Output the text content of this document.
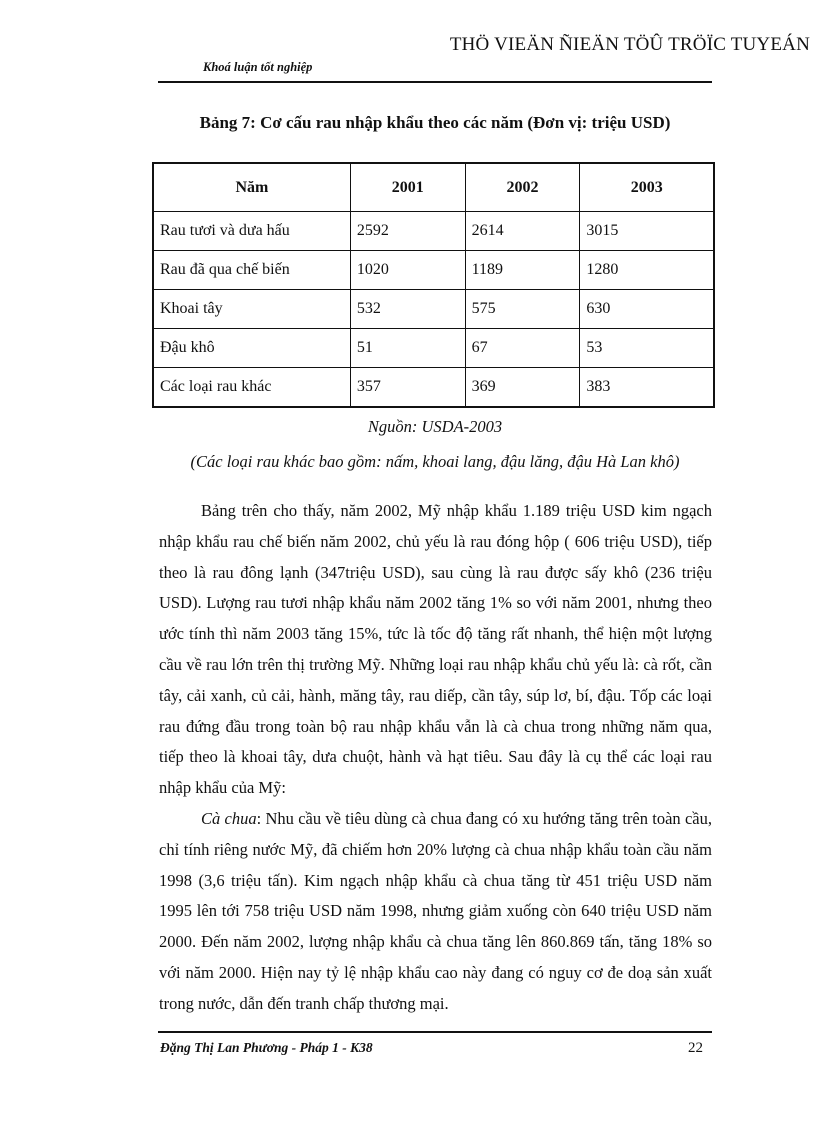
THÖ VIEÄN ÑIEÄN TÖÛ TRÖÏC TUYEÁN
Khoá luận tốt nghiệp
Bảng 7: Cơ cấu rau nhập khẩu theo các năm (Đơn vị: triệu USD)
Năm	2001	2002	2003
Rau tươi và dưa hấu	2592	2614	3015
Rau đã qua chế biến	1020	1189	1280
Khoai tây	532	575	630
Đậu khô	51	67	53
Các loại rau khác	357	369	383
Nguồn: USDA-2003
(Các loại rau khác bao gồm: nấm, khoai lang, đậu lăng, đậu Hà Lan khô)

Bảng trên cho thấy, năm 2002, Mỹ nhập khẩu 1.189 triệu USD kim ngạch nhập khẩu rau chế biến năm 2002, chủ yếu là rau đóng hộp ( 606 triệu USD), tiếp theo là rau đông lạnh (347triệu USD), sau cùng là rau được sấy khô (236 triệu USD). Lượng rau tươi nhập khẩu năm 2002 tăng 1% so với năm 2001, nhưng theo ước tính thì năm 2003 tăng 15%, tức là tốc độ tăng rất nhanh, thể hiện một lượng cầu về rau lớn trên thị trường Mỹ. Những loại rau nhập khẩu chủ yếu là: cà rốt, cần tây, cải xanh, củ cải, hành, măng tây, rau diếp, cần tây, súp lơ, bí, đậu. Tốp các loại rau đứng đầu trong toàn bộ rau nhập khẩu vẫn là cà chua trong những năm qua, tiếp theo là khoai tây, dưa chuột, hành và hạt tiêu. Sau đây là cụ thể các loại rau nhập khẩu của Mỹ:

Cà chua: Nhu cầu về tiêu dùng cà chua đang có xu hướng tăng trên toàn cầu, chỉ tính riêng nước Mỹ, đã chiếm hơn 20% lượng cà chua nhập khẩu toàn cầu năm 1998 (3,6 triệu tấn). Kim ngạch nhập khẩu cà chua tăng từ 451 triệu USD năm 1995 lên tới 758 triệu USD năm 1998, nhưng giảm xuống còn 640 triệu USD năm 2000. Đến năm 2002, lượng nhập khẩu cà chua tăng lên 860.869 tấn, tăng 18% so với năm 2000. Hiện nay tỷ lệ nhập khẩu cao này đang có nguy cơ đe doạ sản xuất trong nước, dẫn đến tranh chấp thương mại.

Đặng Thị Lan Phương - Pháp 1 - K38	22
